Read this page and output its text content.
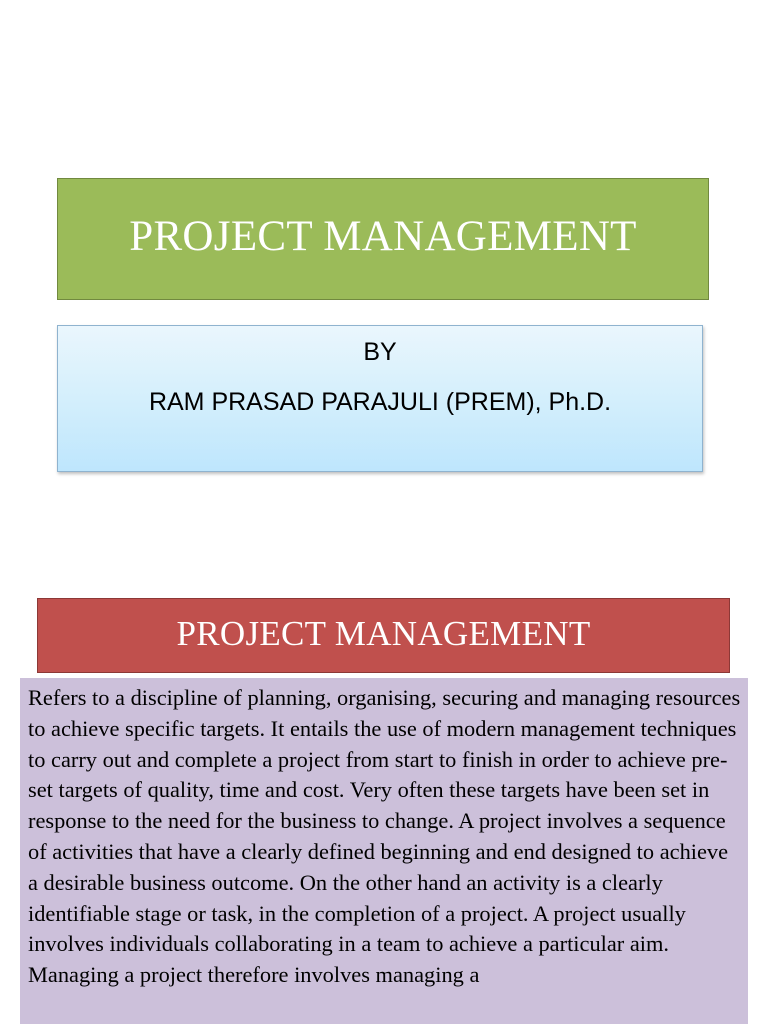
PROJECT MANAGEMENT
BY
RAM PRASAD PARAJULI (PREM), Ph.D.
PROJECT MANAGEMENT

Refers to a discipline of planning, organising, securing and managing resources to achieve specific targets. It entails the use of modern management techniques to carry out and complete a project from start to finish in order to achieve pre-set targets of quality, time and cost. Very often these targets have been set in response to the need for the business to change. A project involves a sequence of activities that have a clearly defined beginning and end designed to achieve a desirable business outcome. On the other hand an activity is a clearly identifiable stage or task, in the completion of a project. A project usually involves individuals collaborating in a team to achieve a particular aim. Managing a project therefore involves managing a
